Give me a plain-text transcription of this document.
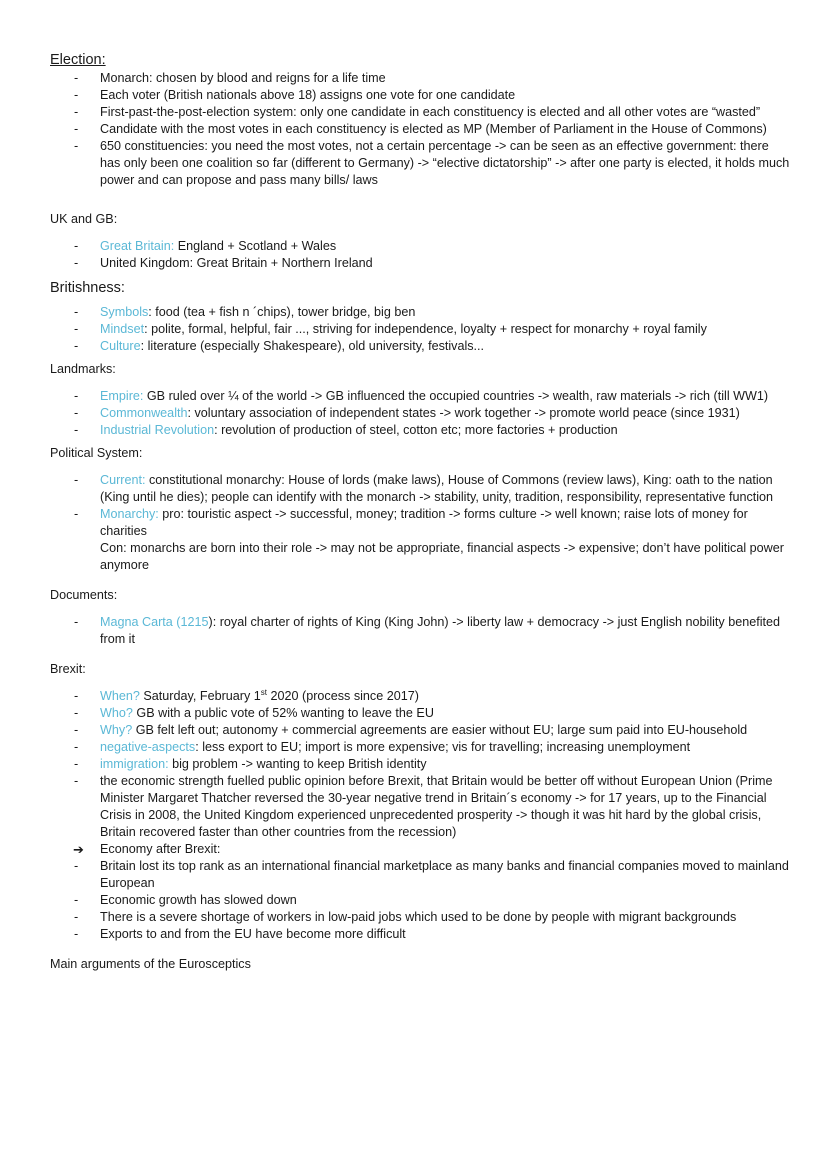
Election:
- Monarch: chosen by blood and reigns for a life time
- Each voter (British nationals above 18) assigns one vote for one candidate
- First-past-the-post-election system: only one candidate in each constituency is elected and all other votes are “wasted”
- Candidate with the most votes in each constituency is elected as MP (Member of Parliament in the House of Commons)
- 650 constituencies: you need the most votes, not a certain percentage -> can be seen as an effective government: there has only been one coalition so far (different to Germany) -> “elective dictatorship” -> after one party is elected, it holds much power and can propose and pass many bills/ laws
UK and GB:
- Great Britain: England + Scotland + Wales
- United Kingdom: Great Britain + Northern Ireland
Britishness:
- Symbols: food (tea + fish n ´chips), tower bridge, big ben
- Mindset: polite, formal, helpful, fair ..., striving for independence, loyalty + respect for monarchy + royal family
- Culture: literature (especially Shakespeare), old university, festivals...
Landmarks:
- Empire: GB ruled over ¼ of the world -> GB influenced the occupied countries -> wealth, raw materials -> rich (till WW1)
- Commonwealth: voluntary association of independent states -> work together -> promote world peace (since 1931)
- Industrial Revolution: revolution of production of steel, cotton etc; more factories + production
Political System:
- Current: constitutional monarchy: House of lords (make laws), House of Commons (review laws), King: oath to the nation (King until he dies); people can identify with the monarch -> stability, unity, tradition, responsibility, representative function
- Monarchy: pro: touristic aspect -> successful, money; tradition -> forms culture -> well known; raise lots of money for charities
Con: monarchs are born into their role -> may not be appropriate, financial aspects -> expensive; don’t have political power anymore
Documents:
- Magna Carta (1215): royal charter of rights of King (King John) -> liberty law + democracy -> just English nobility benefited from it
Brexit:
- When? Saturday, February 1st 2020 (process since 2017)
- Who? GB with a public vote of 52% wanting to leave the EU
- Why? GB felt left out; autonomy + commercial agreements are easier without EU; large sum paid into EU-household
- negative-aspects: less export to EU; import is more expensive; vis for travelling; increasing unemployment
- immigration: big problem -> wanting to keep British identity
- the economic strength fuelled public opinion before Brexit, that Britain would be better off without European Union (Prime Minister Margaret Thatcher reversed the 30-year negative trend in Britain´s economy -> for 17 years, up to the Financial Crisis in 2008, the United Kingdom experienced unprecedented prosperity -> though it was hit hard by the global crisis, Britain recovered faster than other countries from the recession)
➔ Economy after Brexit:
- Britain lost its top rank as an international financial marketplace as many banks and financial companies moved to mainland European
- Economic growth has slowed down
- There is a severe shortage of workers in low-paid jobs which used to be done by people with migrant backgrounds
- Exports to and from the EU have become more difficult
Main arguments of the Eurosceptics
